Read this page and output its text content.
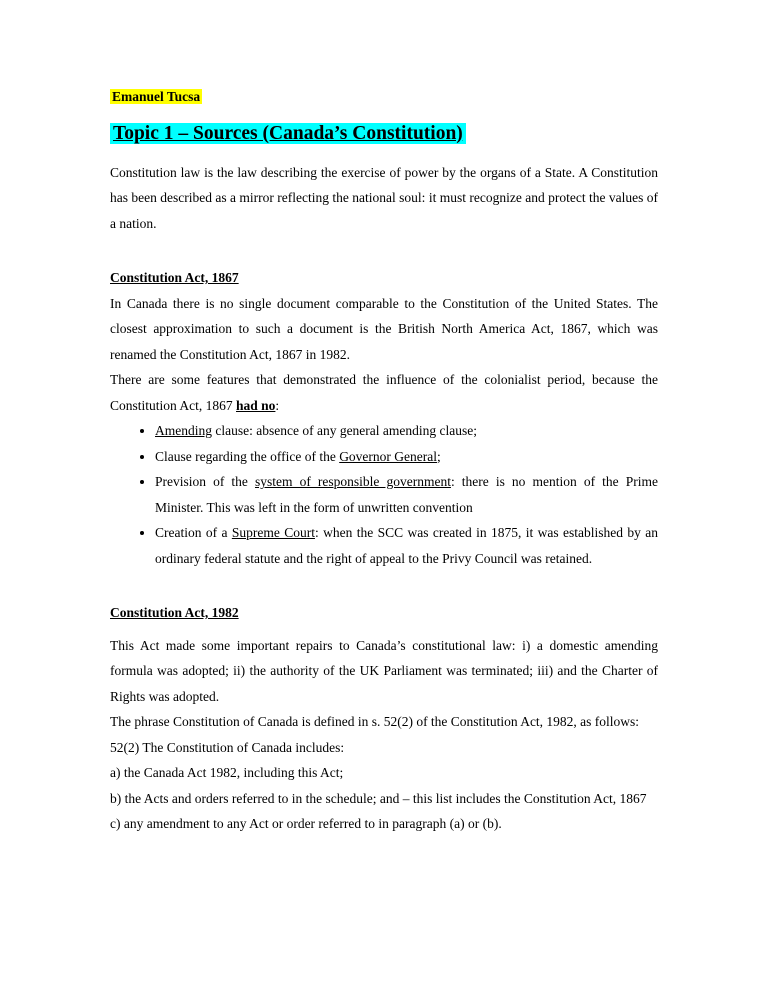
Emanuel Tucsa

Topic 1 – Sources (Canada’s Constitution)

Constitution law is the law describing the exercise of power by the organs of a State. A Constitution has been described as a mirror reflecting the national soul: it must recognize and protect the values of a nation.

Constitution Act, 1867

In Canada there is no single document comparable to the Constitution of the United States. The closest approximation to such a document is the British North America Act, 1867, which was renamed the Constitution Act, 1867 in 1982.

There are some features that demonstrated the influence of the colonialist period, because the Constitution Act, 1867 had no:

• Amending clause: absence of any general amending clause;
• Clause regarding the office of the Governor General;
• Prevision of the system of responsible government: there is no mention of the Prime Minister. This was left in the form of unwritten convention
• Creation of a Supreme Court: when the SCC was created in 1875, it was established by an ordinary federal statute and the right of appeal to the Privy Council was retained.
Constitution Act, 1982

This Act made some important repairs to Canada’s constitutional law: i) a domestic amending formula was adopted; ii) the authority of the UK Parliament was terminated; iii) and the Charter of Rights was adopted.

The phrase Constitution of Canada is defined in s. 52(2) of the Constitution Act, 1982, as follows:

52(2) The Constitution of Canada includes:

a) the Canada Act 1982, including this Act;

b) the Acts and orders referred to in the schedule; and – this list includes the Constitution Act, 1867

c) any amendment to any Act or order referred to in paragraph (a) or (b).
